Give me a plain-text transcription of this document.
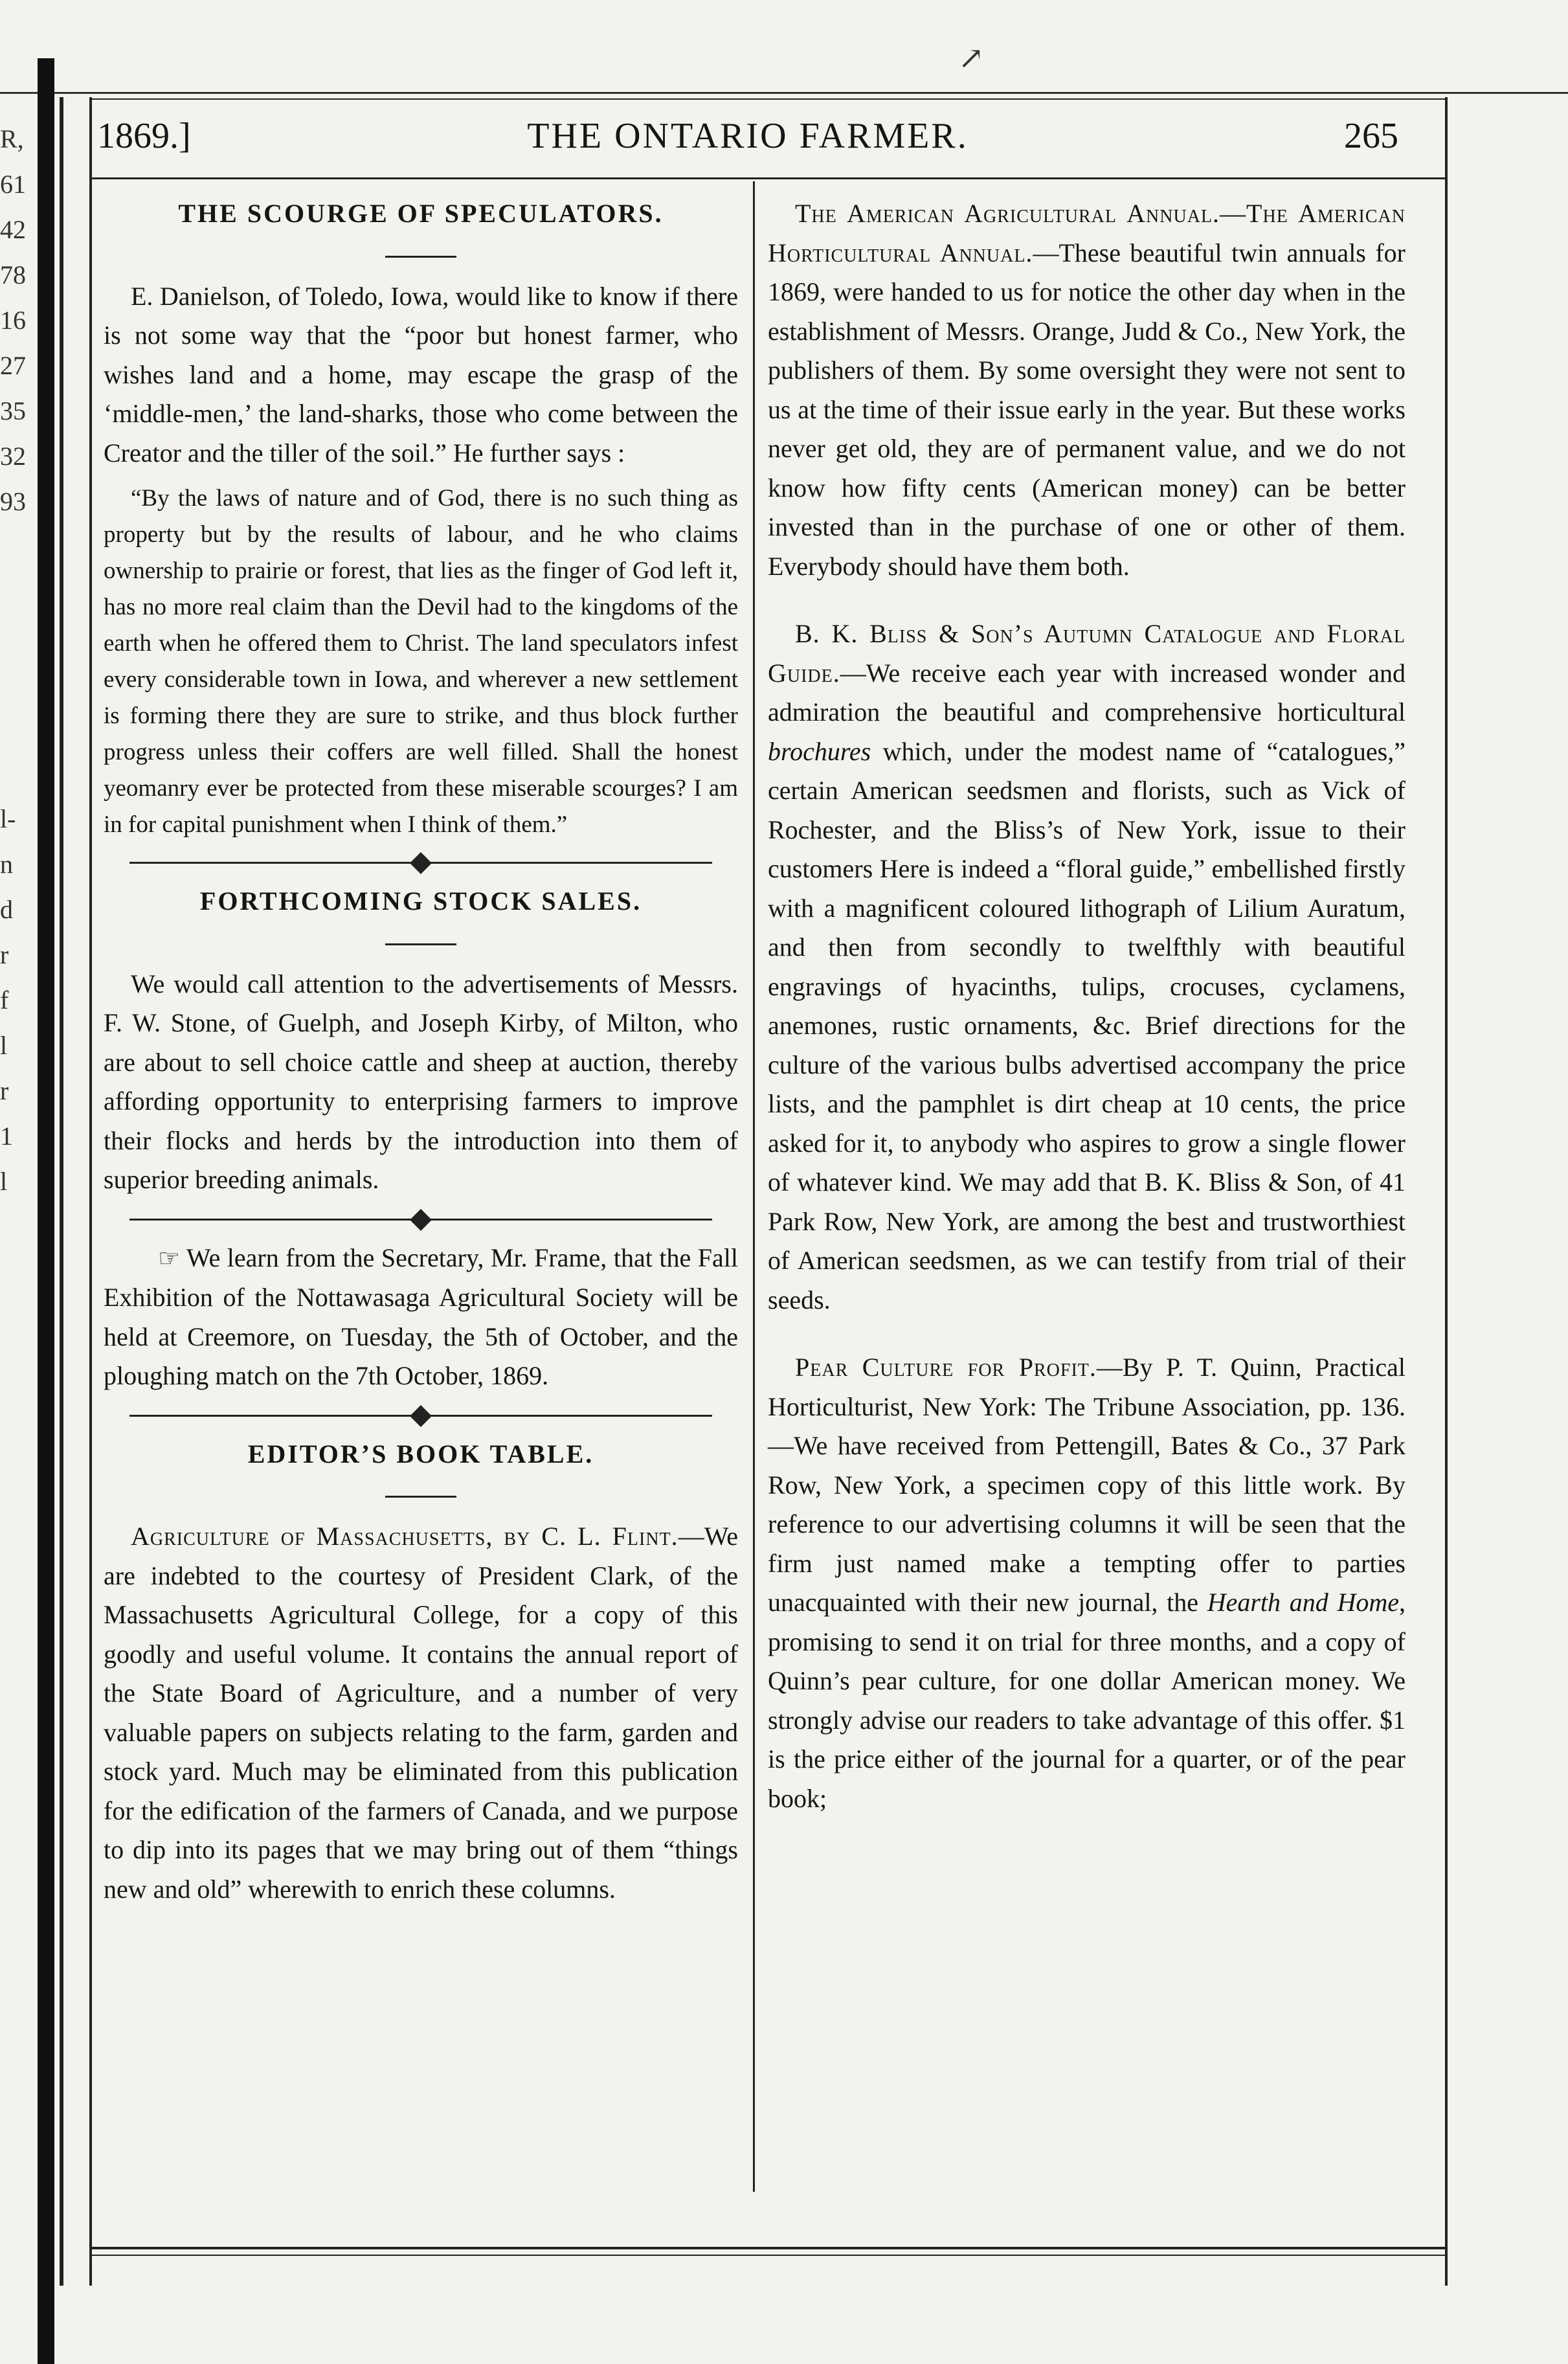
↗
R,
61
42
78
16
27
35
32
93
l-
n
d
r
f
l
r
1
l
1869.]	THE ONTARIO FARMER.	265
THE SCOURGE OF SPECULATORS.

E. Danielson, of Toledo, Iowa, would like to know if there is not some way that the “poor but honest farmer, who wishes land and a home, may escape the grasp of the ‘middle-men,’ the land-sharks, those who come between the Creator and the tiller of the soil.” He further says :

“By the laws of nature and of God, there is no such thing as property but by the results of labour, and he who claims ownership to prairie or forest, that lies as the finger of God left it, has no more real claim than the Devil had to the kingdoms of the earth when he offered them to Christ. The land speculators infest every considerable town in Iowa, and wherever a new settlement is forming there they are sure to strike, and thus block further progress unless their coffers are well filled. Shall the honest yeomanry ever be protected from these miserable scourges? I am in for capital punishment when I think of them.”

FORTHCOMING STOCK SALES.

We would call attention to the advertisements of Messrs. F. W. Stone, of Guelph, and Joseph Kirby, of Milton, who are about to sell choice cattle and sheep at auction, thereby affording opportunity to enterprising farmers to improve their flocks and herds by the introduction into them of superior breeding animals.

☞ We learn from the Secretary, Mr. Frame, that the Fall Exhibition of the Nottawasaga Agricultural Society will be held at Creemore, on Tuesday, the 5th of October, and the ploughing match on the 7th October, 1869.

EDITOR’S BOOK TABLE.

Agriculture of Massachusetts, by C. L. Flint.—We are indebted to the courtesy of President Clark, of the Massachusetts Agricultural College, for a copy of this goodly and useful volume. It contains the annual report of the State Board of Agriculture, and a number of very valuable papers on subjects relating to the farm, garden and stock yard. Much may be eliminated from this publication for the edification of the farmers of Canada, and we purpose to dip into its pages that we may bring out of them “things new and old” wherewith to enrich these columns.

The American Agricultural Annual.—The American Horticultural Annual.—These beautiful twin annuals for 1869, were handed to us for notice the other day when in the establishment of Messrs. Orange, Judd & Co., New York, the publishers of them. By some oversight they were not sent to us at the time of their issue early in the year. But these works never get old, they are of permanent value, and we do not know how fifty cents (American money) can be better invested than in the purchase of one or other of them. Everybody should have them both.

B. K. Bliss & Son’s Autumn Catalogue and Floral Guide.—We receive each year with increased wonder and admiration the beautiful and comprehensive horticultural brochures which, under the modest name of “catalogues,” certain American seedsmen and florists, such as Vick of Rochester, and the Bliss’s of New York, issue to their customers Here is indeed a “floral guide,” embellished firstly with a magnificent coloured lithograph of Lilium Auratum, and then from secondly to twelfthly with beautiful engravings of hyacinths, tulips, crocuses, cyclamens, anemones, rustic ornaments, &c. Brief directions for the culture of the various bulbs advertised accompany the price lists, and the pamphlet is dirt cheap at 10 cents, the price asked for it, to anybody who aspires to grow a single flower of whatever kind. We may add that B. K. Bliss & Son, of 41 Park Row, New York, are among the best and trustworthiest of American seedsmen, as we can testify from trial of their seeds.

Pear Culture for Profit.—By P. T. Quinn, Practical Horticulturist, New York: The Tribune Association, pp. 136.—We have received from Pettengill, Bates & Co., 37 Park Row, New York, a specimen copy of this little work. By reference to our advertising columns it will be seen that the firm just named make a tempting offer to parties unacquainted with their new journal, the Hearth and Home, promising to send it on trial for three months, and a copy of Quinn’s pear culture, for one dollar American money. We strongly advise our readers to take advantage of this offer. $1 is the price either of the journal for a quarter, or of the pear book;
